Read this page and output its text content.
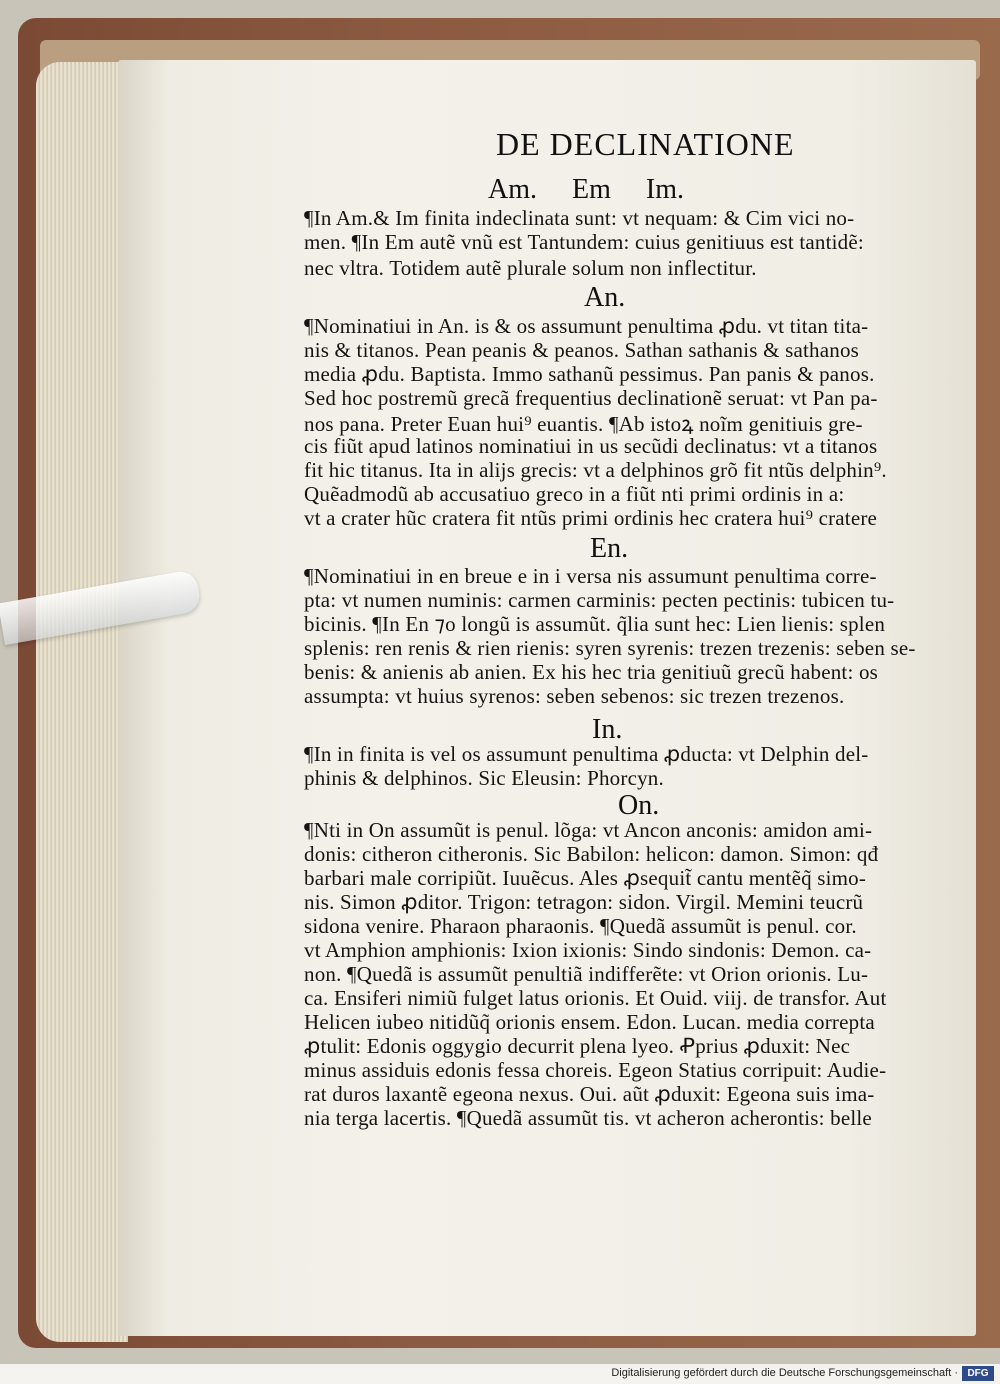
DE DECLINATIONE
Am.     Em     Im.
An.
En.
In.
On.
¶In Am.& Im finita indeclinata sunt: vt nequam: & Cim vici no-
men. ¶In Em autẽ vnũ est Tantundem: cuius genitiuus est tantidẽ:
nec vltra. Totidem autẽ plurale solum non inflectitur.
¶Nominatiui in An. is & os assumunt penultima ꝓdu. vt titan tita-
nis & titanos. Pean peanis & peanos. Sathan sathanis & sathanos
media ꝓdu. Baptista. Immo sathanũ pessimus. Pan panis & panos.
Sed hoc postremũ grecã frequentius declinationẽ seruat: vt Pan pa-
nos pana. Preter Euan hui⁹ euantis. ¶Ab istoꝝ noĩm genitiuis gre-
cis fiũt apud latinos nominatiui in us secũdi declinatus: vt a titanos
fit hic titanus. Ita in alijs grecis: vt a delphinos grõ fit ntũs delphin⁹.
Quẽadmodũ ab accusatiuo greco in a fiũt nti primi ordinis in a:
vt a crater hũc cratera fit ntũs primi ordinis hec cratera hui⁹ cratere
¶Nominatiui in en breue e in i versa nis assumunt penultima corre-
pta: vt numen numinis: carmen carminis: pecten pectinis: tubicen tu-
bicinis. ¶In En ⁊o longũ is assumũt. q̃lia sunt hec: Lien lienis: splen
splenis: ren renis & rien rienis: syren syrenis: trezen trezenis: seben se-
benis: & anienis ab anien. Ex his hec tria genitiuũ grecũ habent: os
assumpta: vt huius syrenos: seben sebenos: sic trezen trezenos.
¶In in finita is vel os assumunt penultima ꝓducta: vt Delphin del-
phinis & delphinos. Sic Eleusin: Phorcyn.
¶Nti in On assumũt is penul. lõga: vt Ancon anconis: amidon ami-
donis: citheron citheronis. Sic Babilon: helicon: damon. Simon: qđ
barbari male corripiũt. Iuuẽcus. Ales ꝓsequit̃ cantu mentẽq̃ simo-
nis. Simon ꝓditor. Trigon: tetragon: sidon. Virgil. Memini teucrũ
sidona venire. Pharaon pharaonis. ¶Quedã assumũt is penul. cor.
vt Amphion amphionis: Ixion ixionis: Sindo sindonis: Demon. ca-
non. ¶Quedã is assumũt penultiã indifferẽte: vt Orion orionis. Lu-
ca. Ensiferi nimiũ fulget latus orionis. Et Ouid. viij. de transfor. Aut
Helicen iubeo nitidũq̃ orionis ensem. Edon. Lucan. media correpta
ꝓtulit: Edonis oggygio decurrit plena lyeo. Ꝓprius ꝓduxit: Nec
minus assiduis edonis fessa choreis. Egeon Statius corripuit: Audie-
rat duros laxantẽ egeona nexus. Oui. aũt ꝓduxit: Egeona suis ima-
nia terga lacertis. ¶Quedã assumũt tis. vt acheron acherontis: belle
Digitalisierung gefördert durch die Deutsche Forschungsgemeinschaft · DFG
